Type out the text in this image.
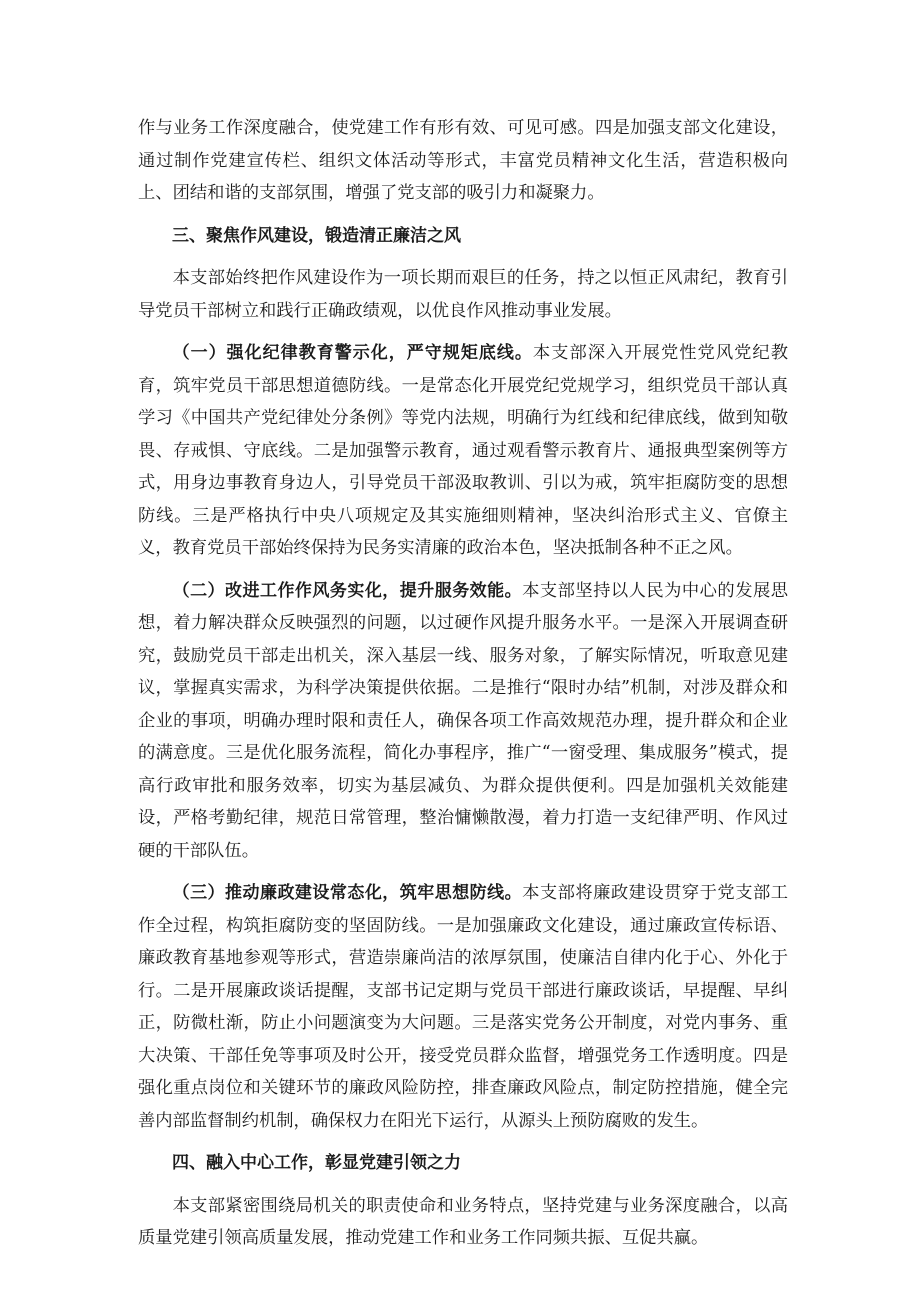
作与业务工作深度融合，使党建工作有形有效、可见可感。四是加强支部文化建设，通过制作党建宣传栏、组织文体活动等形式，丰富党员精神文化生活，营造积极向上、团结和谐的支部氛围，增强了党支部的吸引力和凝聚力。

三、聚焦作风建设，锻造清正廉洁之风

本支部始终把作风建设作为一项长期而艰巨的任务，持之以恒正风肃纪，教育引导党员干部树立和践行正确政绩观，以优良作风推动事业发展。

（一）强化纪律教育警示化，严守规矩底线。本支部深入开展党性党风党纪教育，筑牢党员干部思想道德防线。一是常态化开展党纪党规学习，组织党员干部认真学习《中国共产党纪律处分条例》等党内法规，明确行为红线和纪律底线，做到知敬畏、存戒惧、守底线。二是加强警示教育，通过观看警示教育片、通报典型案例等方式，用身边事教育身边人，引导党员干部汲取教训、引以为戒，筑牢拒腐防变的思想防线。三是严格执行中央八项规定及其实施细则精神，坚决纠治形式主义、官僚主义，教育党员干部始终保持为民务实清廉的政治本色，坚决抵制各种不正之风。

（二）改进工作作风务实化，提升服务效能。本支部坚持以人民为中心的发展思想，着力解决群众反映强烈的问题，以过硬作风提升服务水平。一是深入开展调查研究，鼓励党员干部走出机关，深入基层一线、服务对象，了解实际情况，听取意见建议，掌握真实需求，为科学决策提供依据。二是推行“限时办结”机制，对涉及群众和企业的事项，明确办理时限和责任人，确保各项工作高效规范办理，提升群众和企业的满意度。三是优化服务流程，简化办事程序，推广“一窗受理、集成服务”模式，提高行政审批和服务效率，切实为基层减负、为群众提供便利。四是加强机关效能建设，严格考勤纪律，规范日常管理，整治慵懒散漫，着力打造一支纪律严明、作风过硬的干部队伍。

（三）推动廉政建设常态化，筑牢思想防线。本支部将廉政建设贯穿于党支部工作全过程，构筑拒腐防变的坚固防线。一是加强廉政文化建设，通过廉政宣传标语、廉政教育基地参观等形式，营造崇廉尚洁的浓厚氛围，使廉洁自律内化于心、外化于行。二是开展廉政谈话提醒，支部书记定期与党员干部进行廉政谈话，早提醒、早纠正，防微杜渐，防止小问题演变为大问题。三是落实党务公开制度，对党内事务、重大决策、干部任免等事项及时公开，接受党员群众监督，增强党务工作透明度。四是强化重点岗位和关键环节的廉政风险防控，排查廉政风险点，制定防控措施，健全完善内部监督制约机制，确保权力在阳光下运行，从源头上预防腐败的发生。

四、融入中心工作，彰显党建引领之力

本支部紧密围绕局机关的职责使命和业务特点，坚持党建与业务深度融合，以高质量党建引领高质量发展，推动党建工作和业务工作同频共振、互促共赢。
